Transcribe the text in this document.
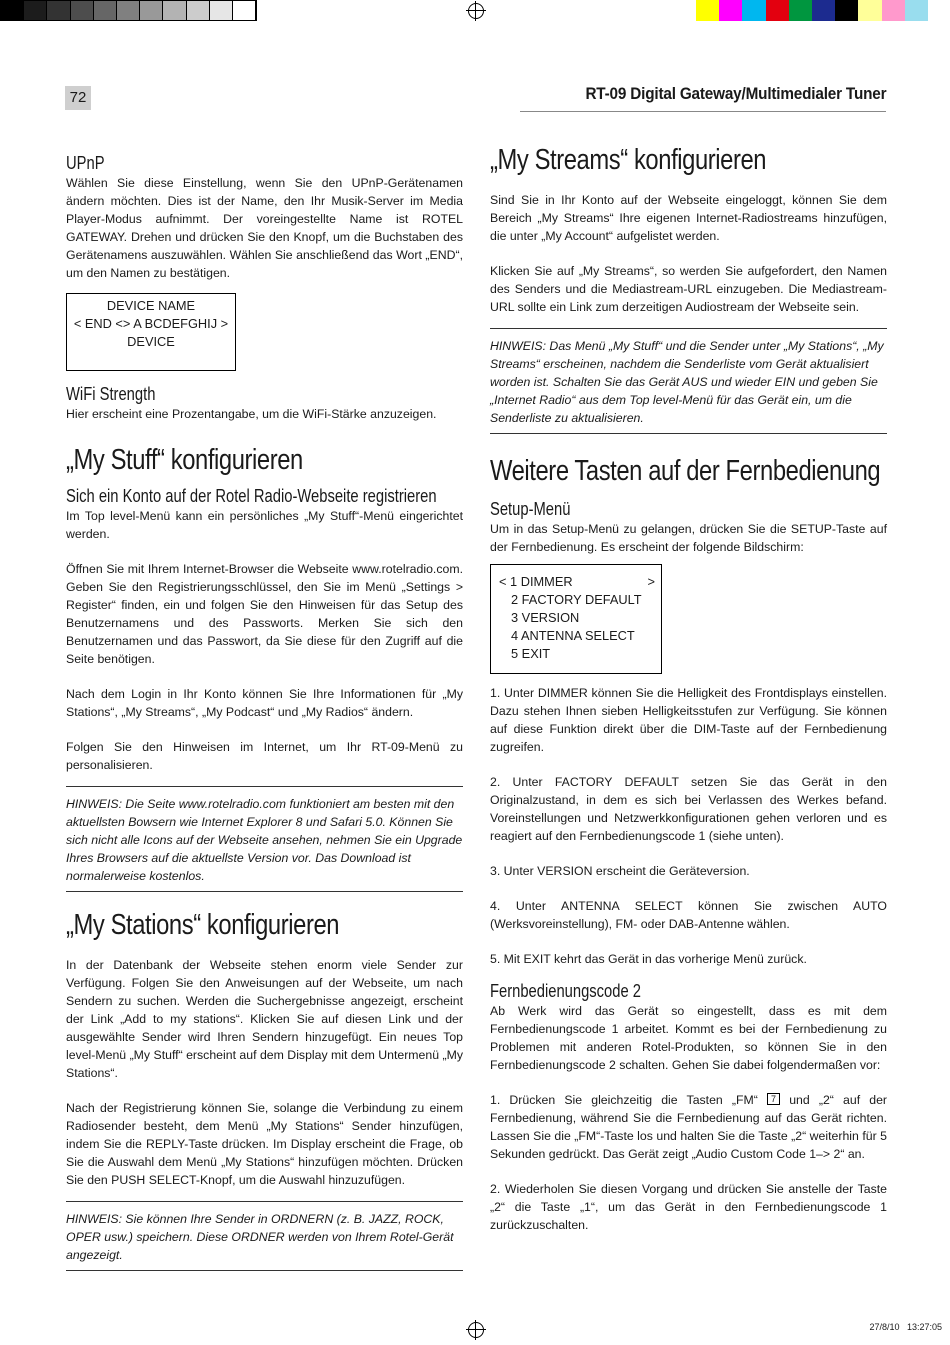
72	RT-09 Digital Gateway/Multimedialer Tuner
UPnP

Wählen Sie diese Einstellung, wenn Sie den UPnP-Gerätenamen ändern möchten. Dies ist der Name, den Ihr Musik-Server im Media Player-Modus aufnimmt. Der voreingestellte Name ist ROTEL GATEWAY. Drehen und drücken Sie den Knopf, um die Buchstaben des Gerätenamens auszuwählen. Wählen Sie anschließend das Wort „END“, um den Namen zu bestätigen.

DEVICE NAME
< END <> A BCDEFGHIJ >
DEVICE
WiFi Strength

Hier erscheint eine Prozentangabe, um die WiFi-Stärke anzuzeigen.

„My Stuff“ konfigurieren
Sich ein Konto auf der Rotel Radio-Webseite registrieren

Im Top level-Menü kann ein persönliches „My Stuff“-Menü eingerichtet werden.

Öffnen Sie mit Ihrem Internet-Browser die Webseite www.rotelradio.com. Geben Sie den Registrierungsschlüssel, den Sie im Menü „Settings > Register“ finden, ein und folgen Sie den Hinweisen für das Setup des Benutzernamens und des Passworts. Merken Sie sich den Benutzernamen und das Passwort, da Sie diese für den Zugriff auf die Seite benötigen.

Nach dem Login in Ihr Konto können Sie Ihre Informationen für „My Stations“, „My Streams“, „My Podcast“ und „My Radios“ ändern.

Folgen Sie den Hinweisen im Internet, um Ihr RT-09-Menü zu personalisieren.

HINWEIS: Die Seite www.rotelradio.com funktioniert am besten mit den aktuellsten Bowsern wie Internet Explorer 8 und Safari 5.0. Können Sie sich nicht alle Icons auf der Webseite ansehen, nehmen Sie ein Upgrade Ihres Browsers auf die aktuellste Version vor. Das Download ist normalerweise kostenlos.
„My Stations“ konfigurieren

In der Datenbank der Webseite stehen enorm viele Sender zur Verfügung. Folgen Sie den Anweisungen auf der Webseite, um nach Sendern zu suchen. Werden die Suchergebnisse angezeigt, erscheint der Link „Add to my stations“. Klicken Sie auf diesen Link und der ausgewählte Sender wird Ihren Sendern hinzugefügt. Ein neues Top level-Menü „My Stuff“ erscheint auf dem Display mit dem Untermenü „My Stations“.

Nach der Registrierung können Sie, solange die Verbindung zu einem Radiosender besteht, dem Menü „My Stations“ Sender hinzufügen, indem Sie die REPLY-Taste drücken. Im Display erscheint die Frage, ob Sie die Auswahl dem Menü „My Stations“ hinzufügen möchten. Drücken Sie den PUSH SELECT-Knopf, um die Auswahl hinzuzufügen.

HINWEIS: Sie können Ihre Sender in ORDNERN (z. B. JAZZ, ROCK, OPER usw.) speichern. Diese ORDNER werden von Ihrem Rotel-Gerät angezeigt.
„My Streams“ konfigurieren

Sind Sie in Ihr Konto auf der Webseite eingeloggt, können Sie dem Bereich „My Streams“ Ihre eigenen Internet-Radiostreams hinzufügen, die unter „My Account“ aufgelistet werden.

Klicken Sie auf „My Streams“, so werden Sie aufgefordert, den Namen des Senders und die Mediastream-URL einzugeben. Die Mediastream-URL sollte ein Link zum derzeitigen Audiostream der Webseite sein.

HINWEIS: Das Menü „My Stuff“ und die Sender unter „My Stations“, „My Streams“ erscheinen, nachdem die Senderliste vom Gerät aktualisiert worden ist. Schalten Sie das Gerät AUS und wieder EIN und geben Sie „Internet Radio“ aus dem Top level-Menü für das Gerät ein, um die Senderliste zu aktualisieren.
Weitere Tasten auf der Fernbedienung
Setup-Menü

Um in das Setup-Menü zu gelangen, drücken Sie die SETUP-Taste auf der Fernbedienung. Es erscheint der folgende Bildschirm:

< 1 DIMMER	>
2 FACTORY DEFAULT
3 VERSION
4 ANTENNA SELECT
5 EXIT

1. Unter DIMMER können Sie die Helligkeit des Frontdisplays einstellen. Dazu stehen Ihnen sieben Helligkeitsstufen zur Verfügung. Sie können auf diese Funktion direkt über die DIM-Taste auf der Fernbedienung zugreifen.

2. Unter FACTORY DEFAULT setzen Sie das Gerät in den Originalzustand, in dem es sich bei Verlassen des Werkes befand. Voreinstellungen und Netzwerkkonfigurationen gehen verloren und es reagiert auf den Fernbedienungscode 1 (siehe unten).

3. Unter VERSION erscheint die Geräteversion.

4. Unter ANTENNA SELECT können Sie zwischen AUTO (Werksvoreinstellung), FM- oder DAB-Antenne wählen.

5. Mit EXIT kehrt das Gerät in das vorherige Menü zurück.

Fernbedienungscode 2

Ab Werk wird das Gerät so eingestellt, dass es mit dem Fernbedienungscode 1 arbeitet. Kommt es bei der Fernbedienung zu Problemen mit anderen Rotel-Produkten, so können Sie in den Fernbedienungscode 2 schalten. Gehen Sie dabei folgendermaßen vor:

1. Drücken Sie gleichzeitig die Tasten „FM“ 7 und „2“ auf der Fernbedienung, während Sie die Fernbedienung auf das Gerät richten. Lassen Sie die „FM“-Taste los und halten Sie die Taste „2“ weiterhin für 5 Sekunden gedrückt. Das Gerät zeigt „Audio Custom Code 1–> 2“ an.

2. Wiederholen Sie diesen Vorgang und drücken Sie anstelle der Taste „2“ die Taste „1“, um das Gerät in den Fernbedienungscode 1 zurückzuschalten.

27/8/10   13:27:05
